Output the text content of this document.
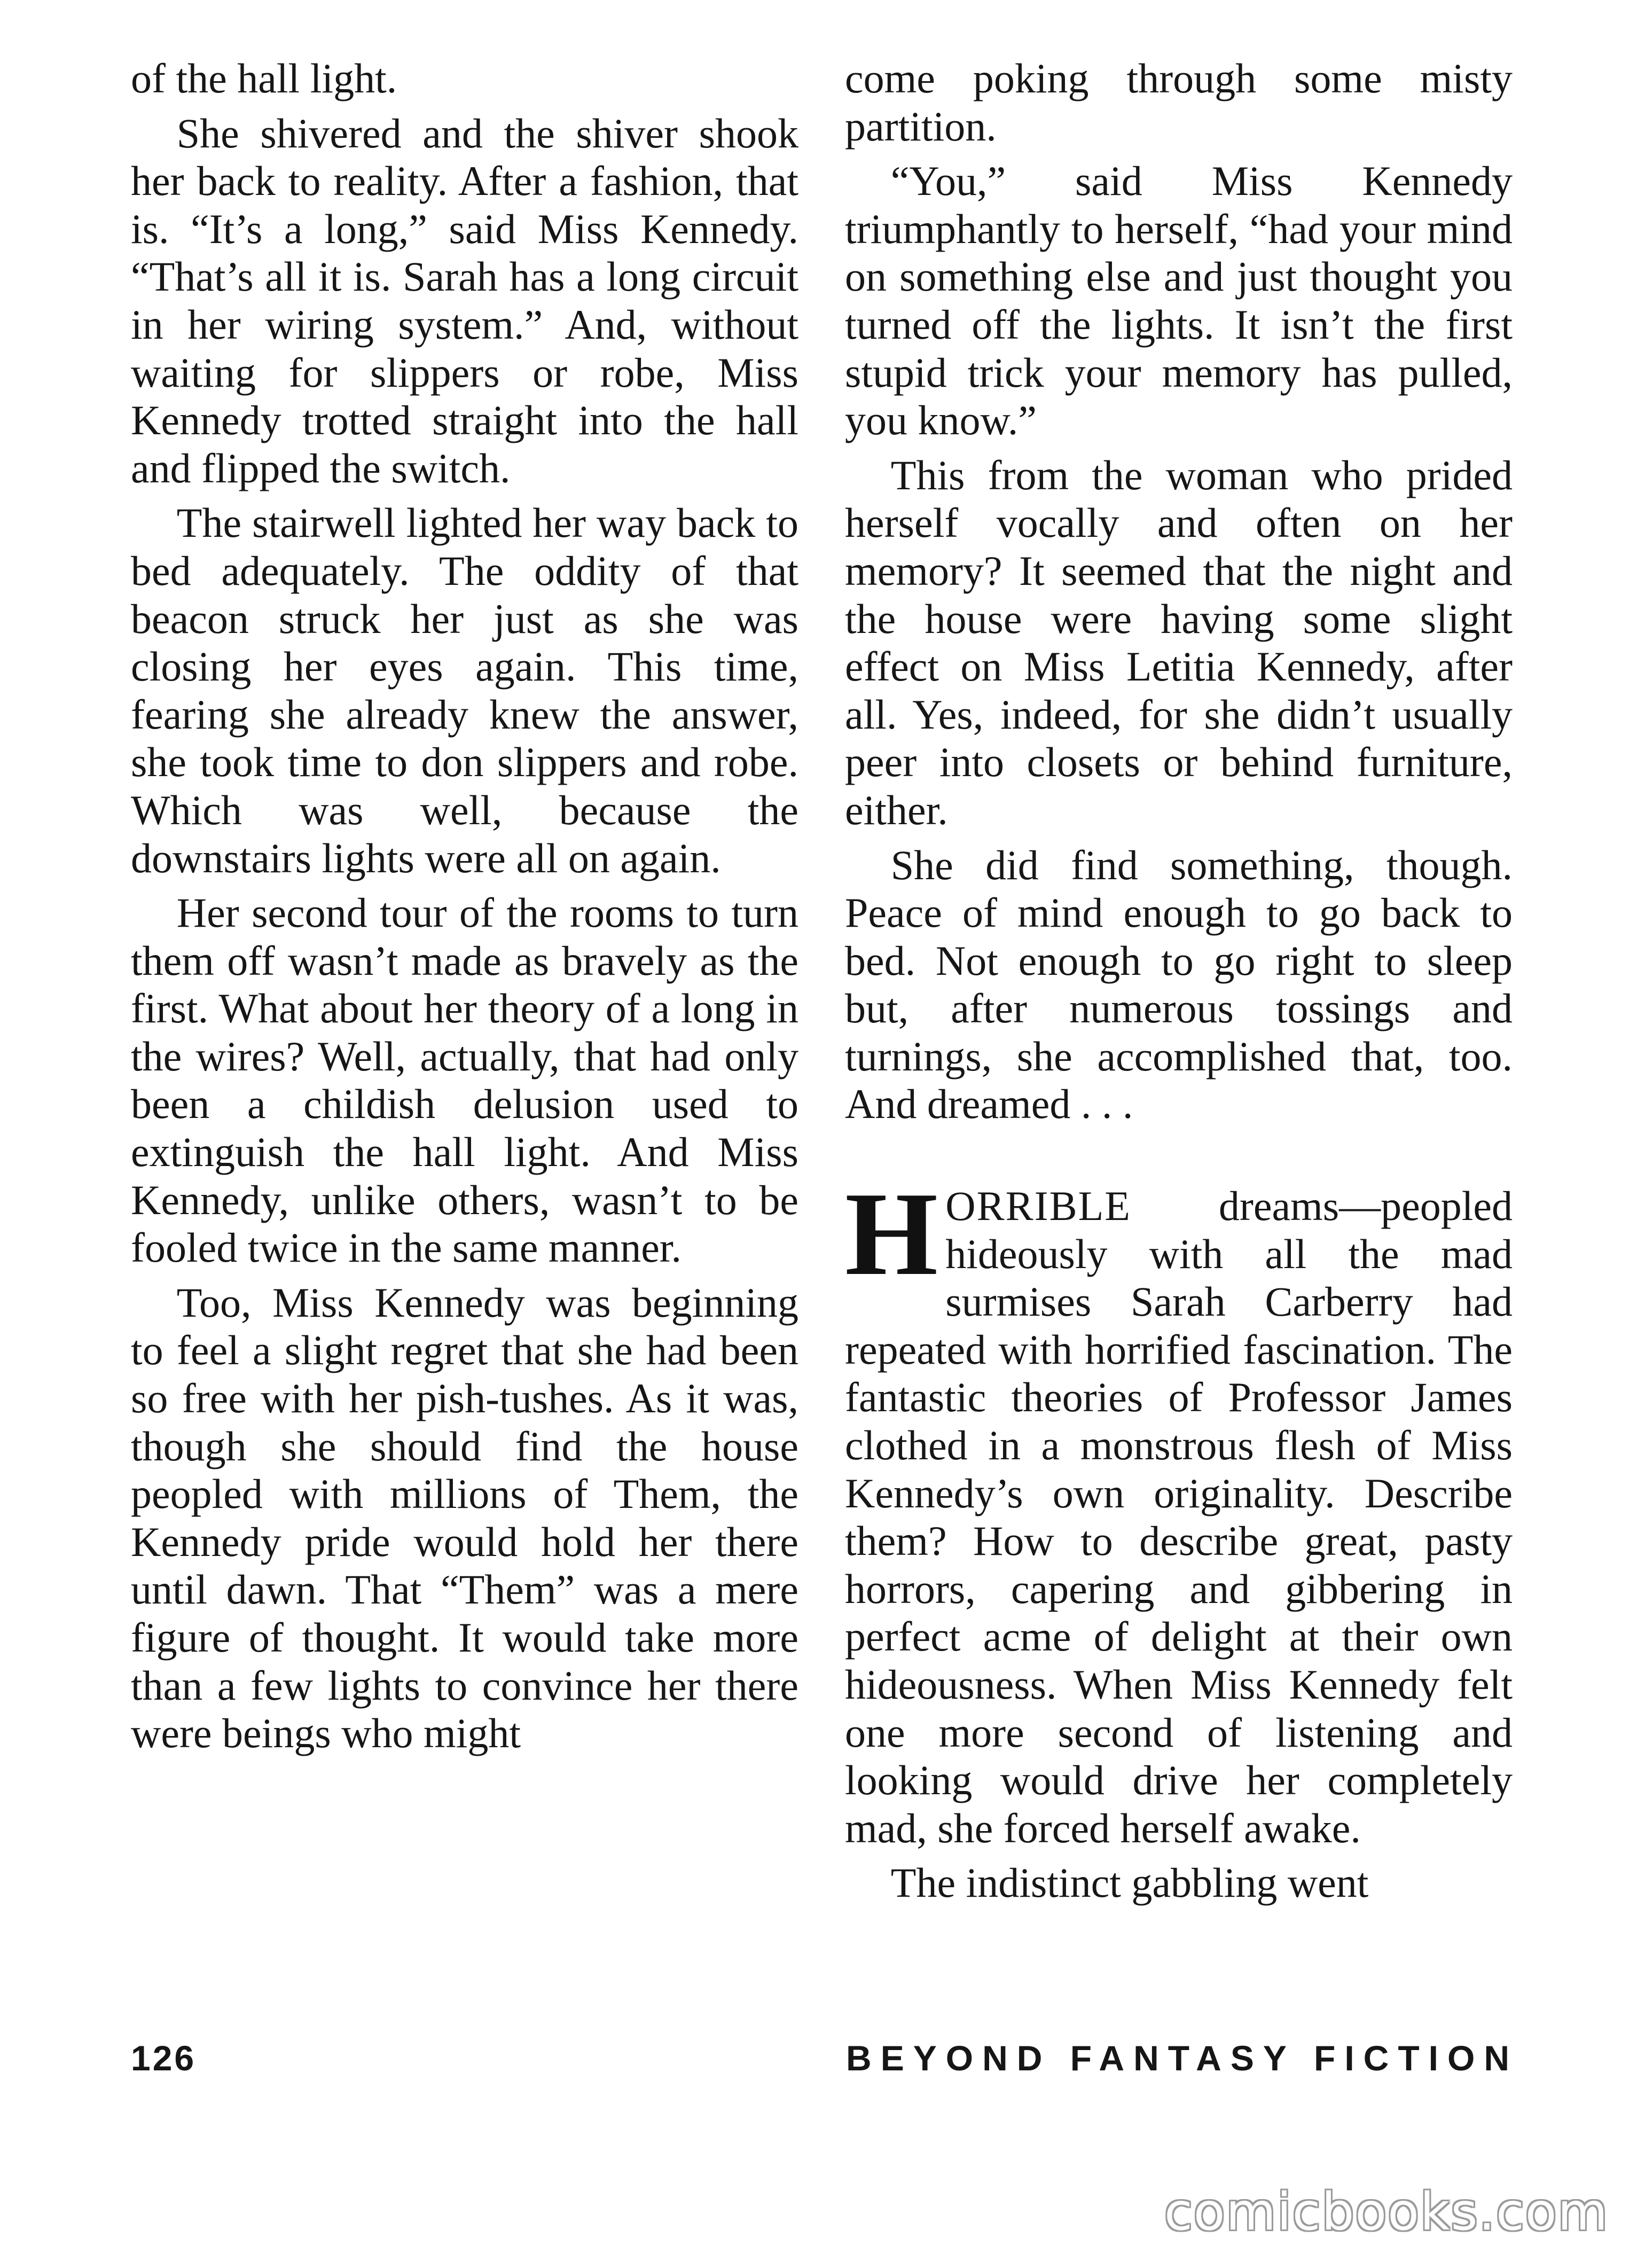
of the hall light.

She shivered and the shiver shook her back to reality. After a fashion, that is. “It’s a long,” said Miss Kennedy. “That’s all it is. Sarah has a long circuit in her wiring system.” And, without waiting for slippers or robe, Miss Kennedy trotted straight into the hall and flipped the switch.

The stairwell lighted her way back to bed adequately. The oddity of that beacon struck her just as she was closing her eyes again. This time, fearing she already knew the answer, she took time to don slippers and robe. Which was well, because the downstairs lights were all on again.

Her second tour of the rooms to turn them off wasn’t made as bravely as the first. What about her theory of a long in the wires? Well, actually, that had only been a childish delusion used to extinguish the hall light. And Miss Kennedy, unlike others, wasn’t to be fooled twice in the same manner.

Too, Miss Kennedy was beginning to feel a slight regret that she had been so free with her pish-tushes. As it was, though she should find the house peopled with millions of Them, the Kennedy pride would hold her there until dawn. That “Them” was a mere figure of thought. It would take more than a few lights to convince her there were beings who might

come poking through some misty partition.

“You,” said Miss Kennedy triumphantly to herself, “had your mind on something else and just thought you turned off the lights. It isn’t the first stupid trick your memory has pulled, you know.”

This from the woman who prided herself vocally and often on her memory? It seemed that the night and the house were having some slight effect on Miss Letitia Kennedy, after all. Yes, indeed, for she didn’t usually peer into closets or behind furniture, either.

She did find something, though. Peace of mind enough to go back to bed. Not enough to go right to sleep but, after numerous tossings and turnings, she accomplished that, too. And dreamed . . .

HORRIBLE dreams—peopled hideously with all the mad surmises Sarah Carberry had repeated with horrified fascination. The fantastic theories of Professor James clothed in a monstrous flesh of Miss Kennedy’s own originality. Describe them? How to describe great, pasty horrors, capering and gibbering in perfect acme of delight at their own hideousness. When Miss Kennedy felt one more second of listening and looking would drive her completely mad, she forced herself awake.

The indistinct gabbling went

126	BEYOND FANTASY FICTION
comicbooks.com
